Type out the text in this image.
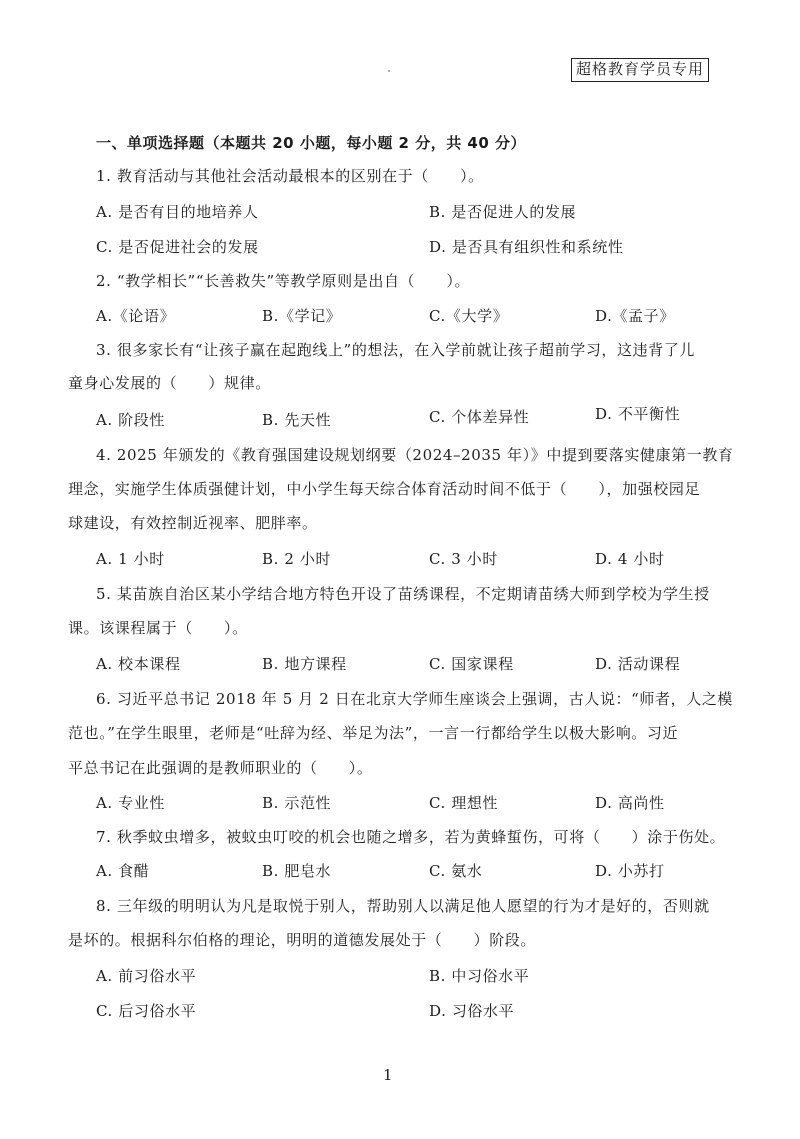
超格教育学员专用
一、单项选择题（本题共 20 小题，每小题 2 分，共 40 分）
1. 教育活动与其他社会活动最根本的区别在于（　　）。
A. 是否有目的地培养人	B. 是否促进人的发展
C. 是否促进社会的发展	D. 是否具有组织性和系统性
2. “教学相长”“长善救失”等教学原则是出自（　　）。
A.《论语》	B.《学记》	C.《大学》	D.《孟子》
3. 很多家长有“让孩子赢在起跑线上”的想法，在入学前就让孩子超前学习，这违背了儿
童身心发展的（　　）规律。
A. 阶段性	B. 先天性	C. 个体差异性	D. 不平衡性
4. 2025 年颁发的《教育强国建设规划纲要（2024–2035 年）》中提到要落实健康第一教育
理念，实施学生体质强健计划，中小学生每天综合体育活动时间不低于（　　），加强校园足
球建设，有效控制近视率、肥胖率。
A. 1 小时	B. 2 小时	C. 3 小时	D. 4 小时
5. 某苗族自治区某小学结合地方特色开设了苗绣课程，不定期请苗绣大师到学校为学生授
课。该课程属于（　　）。
A. 校本课程	B. 地方课程	C. 国家课程	D. 活动课程
6. 习近平总书记 2018 年 5 月 2 日在北京大学师生座谈会上强调，古人说：“师者，人之模
范也。”在学生眼里，老师是“吐辞为经、举足为法”，一言一行都给学生以极大影响。习近
平总书记在此强调的是教师职业的（　　）。
A. 专业性	B. 示范性	C. 理想性	D. 高尚性
7. 秋季蚊虫增多，被蚊虫叮咬的机会也随之增多，若为黄蜂蜇伤，可将（　　）涂于伤处。
A. 食醋	B. 肥皂水	C. 氨水	D. 小苏打
8. 三年级的明明认为凡是取悦于别人，帮助别人以满足他人愿望的行为才是好的，否则就
是坏的。根据科尔伯格的理论，明明的道德发展处于（　　）阶段。
A. 前习俗水平	B. 中习俗水平
C. 后习俗水平	D. 习俗水平
1
